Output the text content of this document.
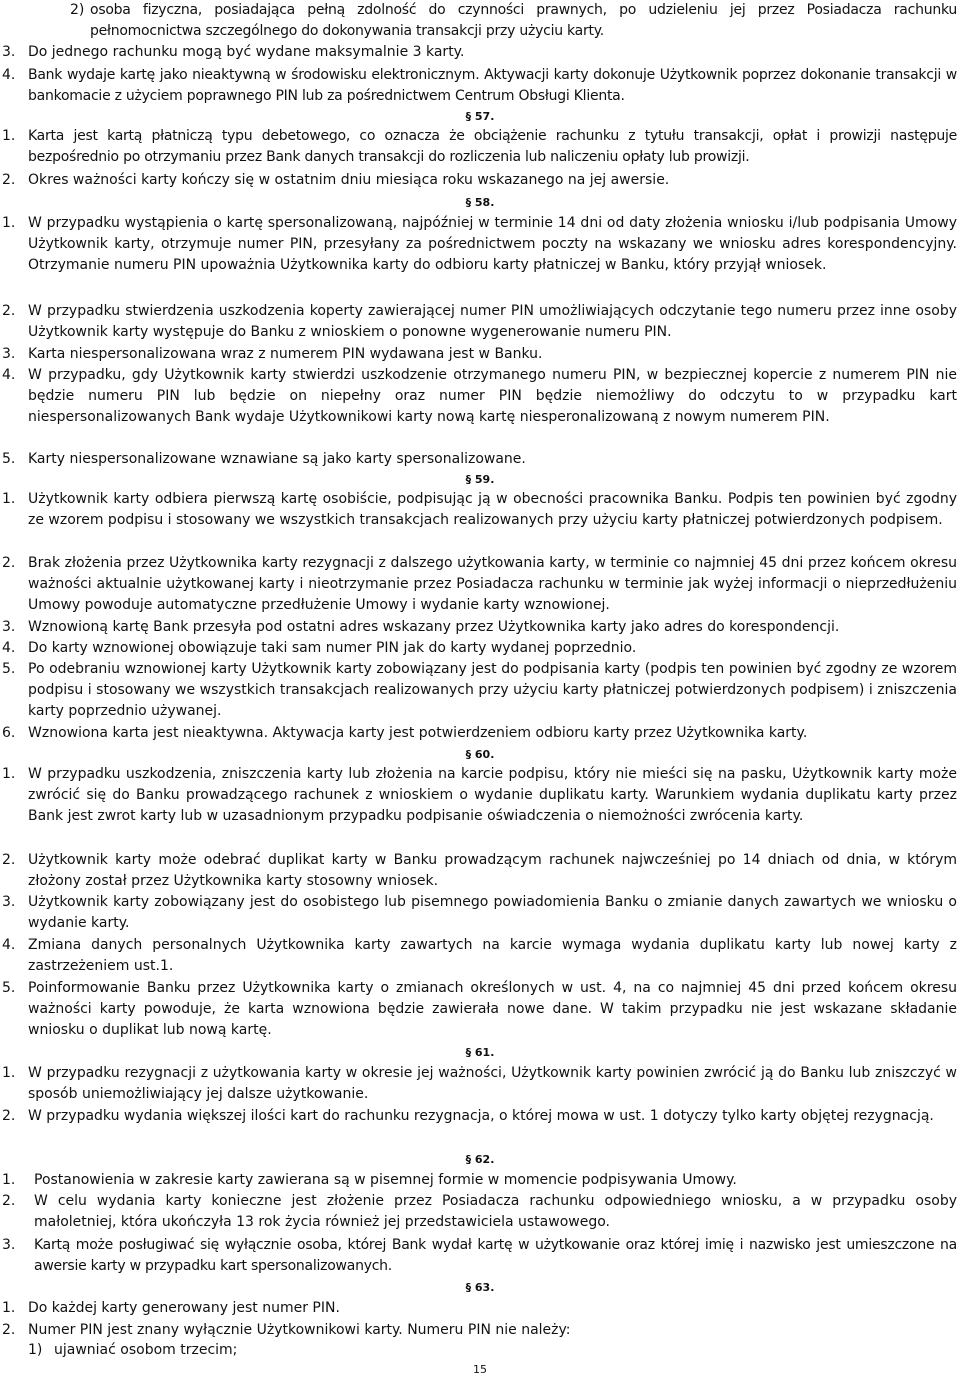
2) osoba fizyczna, posiadająca pełną zdolność do czynności prawnych, po udzieleniu jej przez Posiadacza rachunku pełnomocnictwa szczególnego do dokonywania transakcji przy użyciu karty.
3. Do jednego rachunku mogą być wydane maksymalnie 3 karty.
4. Bank wydaje kartę jako nieaktywną w środowisku elektronicznym. Aktywacji karty dokonuje Użytkownik poprzez dokonanie transakcji w bankomacie z użyciem poprawnego PIN lub za pośrednictwem Centrum Obsługi Klienta.
§ 57.
1. Karta jest kartą płatniczą typu debetowego, co oznacza że obciążenie rachunku z tytułu transakcji, opłat i prowizji następuje bezpośrednio po otrzymaniu przez Bank danych transakcji do rozliczenia lub naliczeniu opłaty lub prowizji.
2. Okres ważności karty kończy się w ostatnim dniu miesiąca roku wskazanego na jej awersie.
§ 58.
1. W przypadku wystąpienia o kartę spersonalizowaną, najpóźniej w terminie 14 dni od daty złożenia wniosku i/lub podpisania Umowy Użytkownik karty, otrzymuje numer PIN, przesyłany za pośrednictwem poczty na wskazany we wniosku adres korespondencyjny. Otrzymanie numeru PIN upoważnia Użytkownika karty do odbioru karty płatniczej w Banku, który przyjął wniosek.
2. W przypadku stwierdzenia uszkodzenia koperty zawierającej numer PIN umożliwiających odczytanie tego numeru przez inne osoby Użytkownik karty występuje do Banku z wnioskiem o ponowne wygenerowanie numeru PIN.
3. Karta niespersonalizowana wraz z numerem PIN wydawana jest w Banku.
4. W przypadku, gdy Użytkownik karty stwierdzi uszkodzenie otrzymanego numeru PIN, w bezpiecznej kopercie z numerem PIN nie będzie numeru PIN lub będzie on niepełny oraz numer PIN będzie niemożliwy do odczytu to w przypadku kart niespersonalizowanych Bank wydaje Użytkownikowi karty nową kartę niesperonalizowaną z nowym numerem PIN.
5. Karty niespersonalizowane wznawiane są jako karty spersonalizowane.
§ 59.
1. Użytkownik karty odbiera pierwszą kartę osobiście, podpisując ją w obecności pracownika Banku. Podpis ten powinien być zgodny ze wzorem podpisu i stosowany we wszystkich transakcjach realizowanych przy użyciu karty płatniczej potwierdzonych podpisem.
2. Brak złożenia przez Użytkownika karty rezygnacji z dalszego użytkowania karty, w terminie co najmniej 45 dni przez końcem okresu ważności aktualnie użytkowanej karty i nieotrzymanie przez Posiadacza rachunku w terminie jak wyżej informacji o nieprzedłużeniu Umowy powoduje automatyczne przedłużenie Umowy i wydanie karty wznowionej.
3. Wznowioną kartę Bank przesyła pod ostatni adres wskazany przez Użytkownika karty jako adres do korespondencji.
4. Do karty wznowionej obowiązuje taki sam numer PIN jak do karty wydanej poprzednio.
5. Po odebraniu wznowionej karty Użytkownik karty zobowiązany jest do podpisania karty (podpis ten powinien być zgodny ze wzorem podpisu i stosowany we wszystkich transakcjach realizowanych przy użyciu karty płatniczej potwierdzonych podpisem) i zniszczenia karty poprzednio używanej.
6. Wznowiona karta jest nieaktywna. Aktywacja karty jest potwierdzeniem odbioru karty przez Użytkownika karty.
§ 60.
1. W przypadku uszkodzenia, zniszczenia karty lub złożenia na karcie podpisu, który nie mieści się na pasku, Użytkownik karty może zwrócić się do Banku prowadzącego rachunek z wnioskiem o wydanie duplikatu karty. Warunkiem wydania duplikatu karty przez Bank jest zwrot karty lub w uzasadnionym przypadku podpisanie oświadczenia o niemożności zwrócenia karty.
2. Użytkownik karty może odebrać duplikat karty w Banku prowadzącym rachunek najwcześniej po 14 dniach od dnia, w którym złożony został przez Użytkownika karty stosowny wniosek.
3. Użytkownik karty zobowiązany jest do osobistego lub pisemnego powiadomienia Banku o zmianie danych zawartych we wniosku o wydanie karty.
4. Zmiana danych personalnych Użytkownika karty zawartych na karcie wymaga wydania duplikatu karty lub nowej karty z zastrzeżeniem ust.1.
5. Poinformowanie Banku przez Użytkownika karty o zmianach określonych w ust. 4, na co najmniej 45 dni przed końcem okresu ważności karty powoduje, że karta wznowiona będzie zawierała nowe dane. W takim przypadku nie jest wskazane składanie wniosku o duplikat lub nową kartę.
§ 61.
1. W przypadku rezygnacji z użytkowania karty w okresie jej ważności, Użytkownik karty powinien zwrócić ją do Banku lub zniszczyć w sposób uniemożliwiający jej dalsze użytkowanie.
2. W przypadku wydania większej ilości kart do rachunku rezygnacja, o której mowa w ust. 1 dotyczy tylko karty objętej rezygnacją.
§ 62.
1. Postanowienia w zakresie karty zawierana są w pisemnej formie w momencie podpisywania Umowy.
2. W celu wydania karty konieczne jest złożenie przez Posiadacza rachunku odpowiedniego wniosku, a w przypadku osoby małoletniej, która ukończyła 13 rok życia również jej przedstawiciela ustawowego.
3. Kartą może posługiwać się wyłącznie osoba, której Bank wydał kartę w użytkowanie oraz której imię i nazwisko jest umieszczone na awersie karty w przypadku kart spersonalizowanych.
§ 63.
1. Do każdej karty generowany jest numer PIN.
2. Numer PIN jest znany wyłącznie Użytkownikowi karty. Numeru PIN nie należy:
1) ujawniać osobom trzecim;
15
